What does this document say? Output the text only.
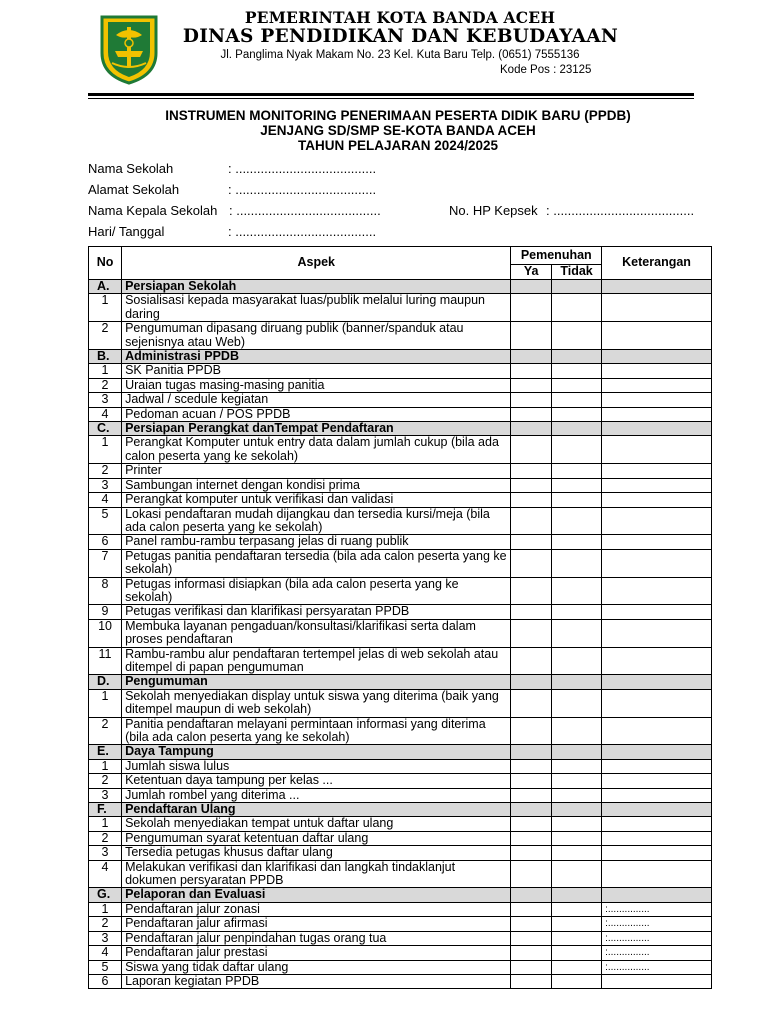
PEMERINTAH KOTA BANDA ACEH
DINAS PENDIDIKAN DAN KEBUDAYAAN
Jl. Panglima Nyak Makam No. 23 Kel. Kuta Baru Telp. (0651) 7555136
Kode Pos : 23125
INSTRUMEN MONITORING PENERIMAAN PESERTA DIDIK BARU (PPDB)
JENJANG SD/SMP SE-KOTA BANDA ACEH
TAHUN PELAJARAN 2024/2025
Nama Sekolah	: .......................................
Alamat Sekolah	: .......................................
Nama Kepala Sekolah : ........................................	No. HP Kepsek : .......................................
Hari/ Tanggal	: .......................................
No	Aspek	Pemenuhan		Keterangan
		Ya	Tidak	
A.	Persiapan Sekolah			
1	Sosialisasi kepada masyarakat luas/publik melalui luring maupun daring			
2	Pengumuman dipasang diruang publik (banner/spanduk atau sejenisnya atau Web)			
B.	Administrasi PPDB			
1	SK Panitia PPDB			
2	Uraian tugas masing-masing panitia			
3	Jadwal / scedule kegiatan			
4	Pedoman acuan / POS PPDB			
C.	Persiapan Perangkat danTempat Pendaftaran			
1	Perangkat Komputer untuk entry data dalam jumlah cukup (bila ada calon peserta yang ke sekolah)			
2	Printer			
3	Sambungan internet dengan kondisi prima			
4	Perangkat komputer untuk verifikasi dan validasi			
5	Lokasi pendaftaran mudah dijangkau dan tersedia kursi/meja (bila ada calon peserta yang ke sekolah)			
6	Panel rambu-rambu terpasang jelas di ruang publik			
7	Petugas panitia pendaftaran tersedia (bila ada calon peserta yang ke sekolah)			
8	Petugas informasi disiapkan (bila ada calon peserta yang ke sekolah)			
9	Petugas verifikasi dan klarifikasi persyaratan PPDB			
10	Membuka layanan pengaduan/konsultasi/klarifikasi serta dalam proses pendaftaran			
11	Rambu-rambu alur pendaftaran tertempel jelas di web sekolah atau ditempel di papan pengumuman			
D.	Pengumuman			
1	Sekolah menyediakan display untuk siswa yang diterima (baik yang ditempel maupun di web sekolah)			
2	Panitia pendaftaran melayani permintaan informasi yang diterima (bila ada calon peserta yang ke sekolah)			
E.	Daya Tampung			
1	Jumlah siswa lulus			
2	Ketentuan daya tampung per kelas ...			
3	Jumlah rombel yang diterima ...			
F.	Pendaftaran Ulang			
1	Sekolah menyediakan tempat untuk daftar ulang			
2	Pengumuman syarat ketentuan daftar ulang			
3	Tersedia petugas khusus daftar ulang			
4	Melakukan verifikasi dan klarifikasi dan langkah tindaklanjut dokumen persyaratan PPDB			
G.	Pelaporan dan Evaluasi			
1	Pendaftaran jalur zonasi			:...............
2	Pendaftaran jalur afirmasi			:...............
3	Pendaftaran jalur penpindahan tugas orang tua			:...............
4	Pendaftaran jalur prestasi			:...............
5	Siswa yang tidak daftar ulang			:...............
6	Laporan kegiatan PPDB			
